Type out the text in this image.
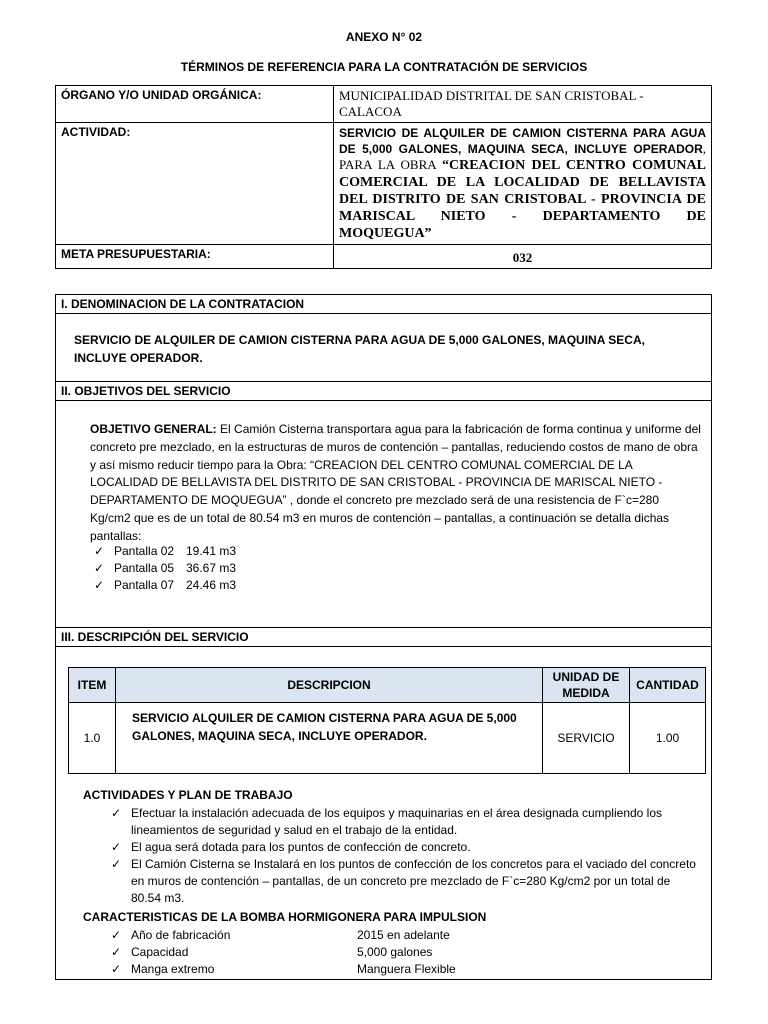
ANEXO N° 02
TÉRMINOS DE REFERENCIA PARA LA CONTRATACIÓN DE SERVICIOS
ÓRGANO Y/O UNIDAD ORGÁNICA:	MUNICIPALIDAD DISTRITAL DE SAN CRISTOBAL - CALACOA
ACTIVIDAD:	SERVICIO DE ALQUILER DE CAMION CISTERNA PARA AGUA DE 5,000 GALONES, MAQUINA SECA, INCLUYE OPERADOR, PARA LA OBRA “CREACION DEL CENTRO COMUNAL COMERCIAL DE LA LOCALIDAD DE BELLAVISTA DEL DISTRITO DE SAN CRISTOBAL - PROVINCIA DE MARISCAL NIETO - DEPARTAMENTO DE MOQUEGUA”
META PRESUPUESTARIA:	032
I. DENOMINACION DE LA CONTRATACION
SERVICIO DE ALQUILER DE CAMION CISTERNA PARA AGUA DE 5,000 GALONES, MAQUINA SECA, INCLUYE OPERADOR.
II. OBJETIVOS DEL SERVICIO
OBJETIVO GENERAL: El Camión Cisterna transportara agua para la fabricación de forma continua y uniforme del concreto pre mezclado, en la estructuras de muros de contención – pantallas, reduciendo costos de mano de obra y así mismo reducir tiempo para la Obra: “CREACION DEL CENTRO COMUNAL COMERCIAL DE LA LOCALIDAD DE BELLAVISTA DEL DISTRITO DE SAN CRISTOBAL - PROVINCIA DE MARISCAL NIETO - DEPARTAMENTO DE MOQUEGUA” , donde el concreto pre mezclado será de una resistencia de F`c=280 Kg/cm2 que es de un total de 80.54 m3 en muros de contención – pantallas, a continuación se detalla dichas pantallas:
✓ Pantalla 02 19.41 m3
✓ Pantalla 05 36.67 m3
✓ Pantalla 07 24.46 m3
III. DESCRIPCIÓN DEL SERVICIO
ITEM	DESCRIPCION	UNIDAD DE MEDIDA	CANTIDAD
1.0	SERVICIO ALQUILER DE CAMION CISTERNA PARA AGUA DE 5,000 GALONES, MAQUINA SECA, INCLUYE OPERADOR.	SERVICIO	1.00
ACTIVIDADES Y PLAN DE TRABAJO
✓ Efectuar la instalación adecuada de los equipos y maquinarias en el área designada cumpliendo los lineamientos de seguridad y salud en el trabajo de la entidad.
✓ El agua será dotada para los puntos de confección de concreto.
✓ El Camión Cisterna se Instalará en los puntos de confección de los concretos para el vaciado del concreto en muros de contención – pantallas, de un concreto pre mezclado de F`c=280 Kg/cm2 por un total de 80.54 m3.
CARACTERISTICAS DE LA BOMBA HORMIGONERA PARA IMPULSION
✓ Año de fabricación	2015 en adelante
✓ Capacidad	5,000 galones
✓ Manga extremo	Manguera Flexible
